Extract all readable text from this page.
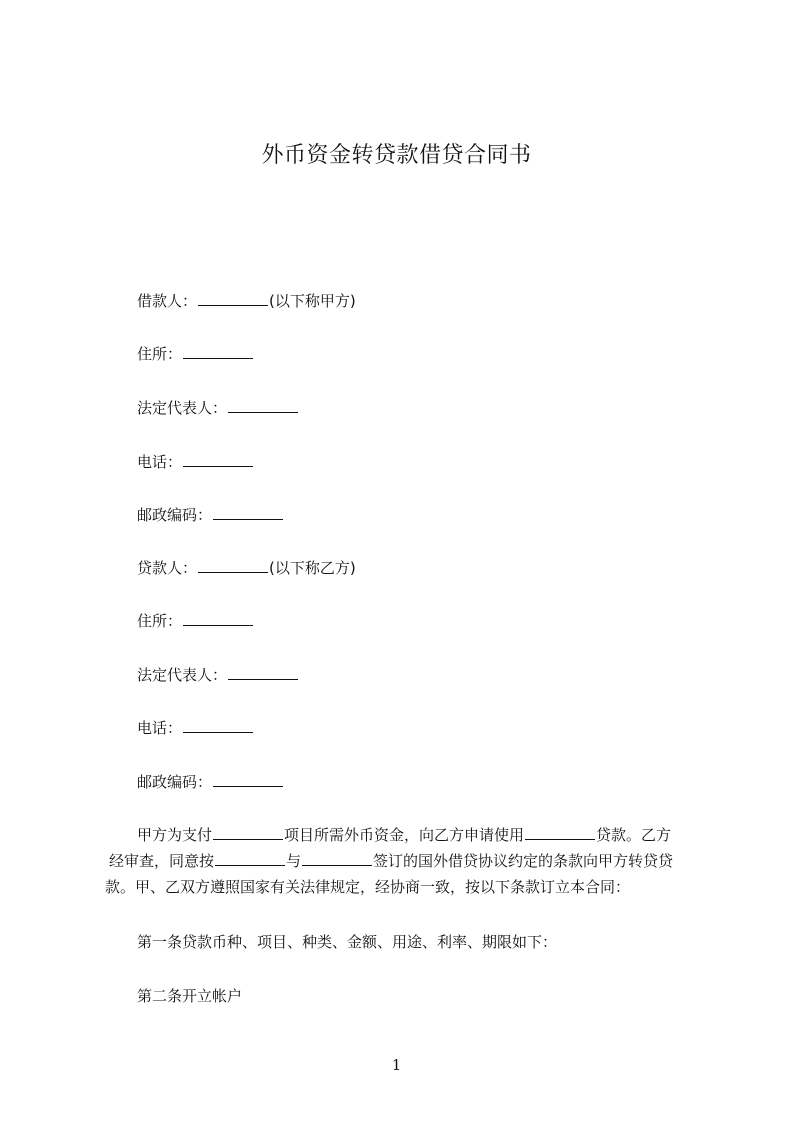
外币资金转贷款借贷合同书
借款人：	(以下称甲方)
住所：
法定代表人：
电话：
邮政编码：
贷款人：	(以下称乙方)
住所：
法定代表人：
电话：
邮政编码：
甲方为支付	项目所需外币资金，向乙方申请使用	贷款。乙方
经审查，同意按	与	签订的国外借贷协议约定的条款向甲方转贷贷
款。甲、乙双方遵照国家有关法律规定，经协商一致，按以下条款订立本合同：
第一条贷款币种、项目、种类、金额、用途、利率、期限如下：
第二条开立帐户
1
